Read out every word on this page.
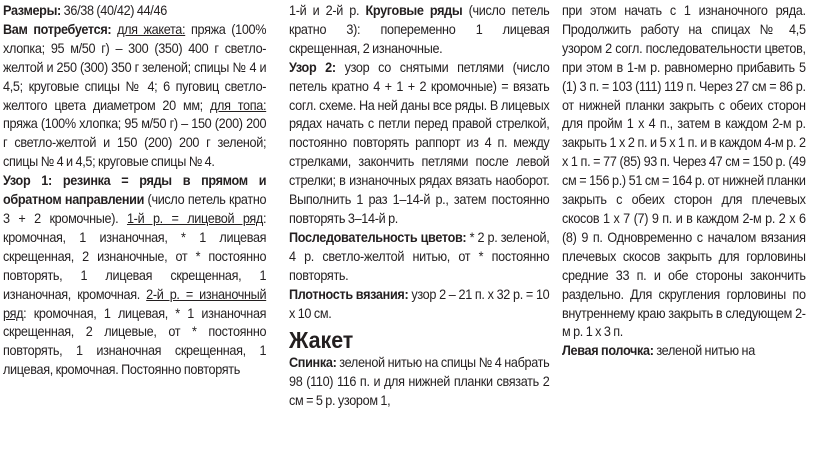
Размеры: 36/38 (40/42) 44/46

Вам потребуется: для жакета: пряжа (100% хлопка; 95 м/50 г) – 300 (350) 400 г светло-желтой и 250 (300) 350 г зеленой; спицы № 4 и 4,5; круговые спицы № 4; 6 пуговиц светло-желтого цвета диаметром 20 мм; для топа: пряжа (100% хлопка; 95 м/50 г) – 150 (200) 200 г светло-желтой и 150 (200) 200 г зеленой; спицы № 4 и 4,5; круговые спицы № 4.

Узор 1: резинка = ряды в прямом и обратном направлении (число петель кратно 3 + 2 кромочные). 1-й р. = лицевой ряд: кромочная, 1 изнаночная, * 1 лицевая скрещенная, 2 изнаночные, от * постоянно повторять, 1 лицевая скрещенная, 1 изнаночная, кромочная. 2-й р. = изнаночный ряд: кромочная, 1 лицевая, * 1 изнаночная скрещенная, 2 лицевые, от * постоянно повторять, 1 изнаночная скрещенная, 1 лицевая, кромочная. Постоянно повторять

1-й и 2-й р. Круговые ряды (число петель кратно 3): попеременно 1 лицевая скрещенная, 2 изнаночные.

Узор 2: узор со снятыми петлями (число петель кратно 4 + 1 + 2 кромочные) = вязать согл. схеме. На ней даны все ряды. В лицевых рядах начать с петли перед правой стрелкой, постоянно повторять раппорт из 4 п. между стрелками, закончить петлями после левой стрелки; в изнаночных рядах вязать наоборот. Выполнить 1 раз 1–14-й р., затем постоянно повторять 3–14-й р.

Последовательность цветов: * 2 р. зеленой, 4 р. светло-желтой нитью, от * постоянно повторять.

Плотность вязания: узор 2 – 21 п. х 32 р. = 10 х 10 см.

Жакет

Спинка: зеленой нитью на спицы № 4 набрать 98 (110) 116 п. и для нижней планки связать 2 см = 5 р. узором 1,

при этом начать с 1 изнаночного ряда. Продолжить работу на спицах № 4,5 узором 2 согл. последовательности цветов, при этом в 1-м р. равномерно прибавить 5 (1) 3 п. = 103 (111) 119 п. Через 27 см = 86 р. от нижней планки закрыть с обеих сторон для пройм 1 х 4 п., затем в каждом 2-м р. закрыть 1 х 2 п. и 5 х 1 п. и в каждом 4-м р. 2 х 1 п. = 77 (85) 93 п. Через 47 см = 150 р. (49 см = 156 р.) 51 см = 164 р. от нижней планки закрыть с обеих сторон для плечевых скосов 1 х 7 (7) 9 п. и в каждом 2-м р. 2 х 6 (8) 9 п. Одновременно с началом вязания плечевых скосов закрыть для горловины средние 33 п. и обе стороны закончить раздельно. Для скругления горловины по внутреннему краю закрыть в следующем 2-м р. 1 х 3 п.

Левая полочка: зеленой нитью на
